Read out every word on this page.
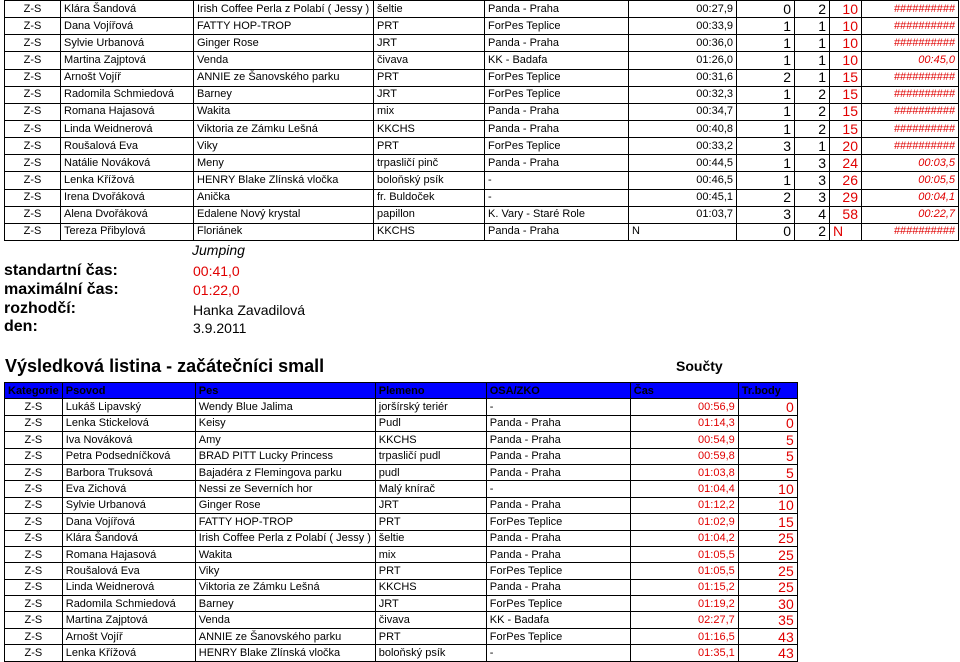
Z-S	Klára Šandová	Irish Coffee Perla z Polabí ( Jessy )	šeltie	Panda - Praha	00:27,9	0	2	10	##########
Z-S	Dana Vojířová	FATTY HOP-TROP	PRT	ForPes Teplice	00:33,9	1	1	10	##########
Z-S	Sylvie Urbanová	Ginger Rose	JRT	Panda - Praha	00:36,0	1	1	10	##########
Z-S	Martina Zajptová	Venda	čivava	KK - Badafa	01:26,0	1	1	10	00:45,0
Z-S	Arnošt Vojíř	ANNIE ze Šanovského parku	PRT	ForPes Teplice	00:31,6	2	1	15	##########
Z-S	Radomila Schmiedová	Barney	JRT	ForPes Teplice	00:32,3	1	2	15	##########
Z-S	Romana Hajasová	Wakita	mix	Panda - Praha	00:34,7	1	2	15	##########
Z-S	Linda Weidnerová	Viktoria ze Zámku Lešná	KKCHS	Panda - Praha	00:40,8	1	2	15	##########
Z-S	Roušalová Eva	Viky	PRT	ForPes Teplice	00:33,2	3	1	20	##########
Z-S	Natálie Nováková	Meny	trpasličí pinč	Panda - Praha	00:44,5	1	3	24	00:03,5
Z-S	Lenka Křížová	HENRY Blake Zlínská vločka	boloňský psík	-	00:46,5	1	3	26	00:05,5
Z-S	Irena Dvořáková	Anička	fr. Buldoček	-	00:45,1	2	3	29	00:04,1
Z-S	Alena Dvořáková	Edalene Nový krystal	papillon	K. Vary - Staré Role	01:03,7	3	4	58	00:22,7
Z-S	Tereza Přibylová	Floriánek	KKCHS	Panda - Praha	N	0	2	N	##########
Jumping
standartní čas:	00:41,0
maximální čas:	01:22,0
rozhodčí:	Hanka Zavadilová
den:	3.9.2011
Výsledková listina - začátečníci small	Součty
Kategorie	Psovod	Pes	Plemeno	OSA/ZKO	Čas	Tr.body
Z-S	Lukáš Lipavský	Wendy Blue Jalima	joršírský teriér	-	00:56,9	0
Z-S	Lenka Stickelová	Keisy	Pudl	Panda - Praha	01:14,3	0
Z-S	Iva Nováková	Amy	KKCHS	Panda - Praha	00:54,9	5
Z-S	Petra Podsedníčková	BRAD PITT Lucky Princess	trpasličí pudl	Panda - Praha	00:59,8	5
Z-S	Barbora Truksová	Bajadéra z Flemingova parku	pudl	Panda - Praha	01:03,8	5
Z-S	Eva Zichová	Nessi ze Severních hor	Malý knírač	-	01:04,4	10
Z-S	Sylvie Urbanová	Ginger Rose	JRT	Panda - Praha	01:12,2	10
Z-S	Dana Vojířová	FATTY HOP-TROP	PRT	ForPes Teplice	01:02,9	15
Z-S	Klára Šandová	Irish Coffee Perla z Polabí ( Jessy )	šeltie	Panda - Praha	01:04,2	25
Z-S	Romana Hajasová	Wakita	mix	Panda - Praha	01:05,5	25
Z-S	Roušalová Eva	Viky	PRT	ForPes Teplice	01:05,5	25
Z-S	Linda Weidnerová	Viktoria ze Zámku Lešná	KKCHS	Panda - Praha	01:15,2	25
Z-S	Radomila Schmiedová	Barney	JRT	ForPes Teplice	01:19,2	30
Z-S	Martina Zajptová	Venda	čivava	KK - Badafa	02:27,7	35
Z-S	Arnošt Vojíř	ANNIE ze Šanovského parku	PRT	ForPes Teplice	01:16,5	43
Z-S	Lenka Křížová	HENRY Blake Zlínská vločka	boloňský psík	-	01:35,1	43
